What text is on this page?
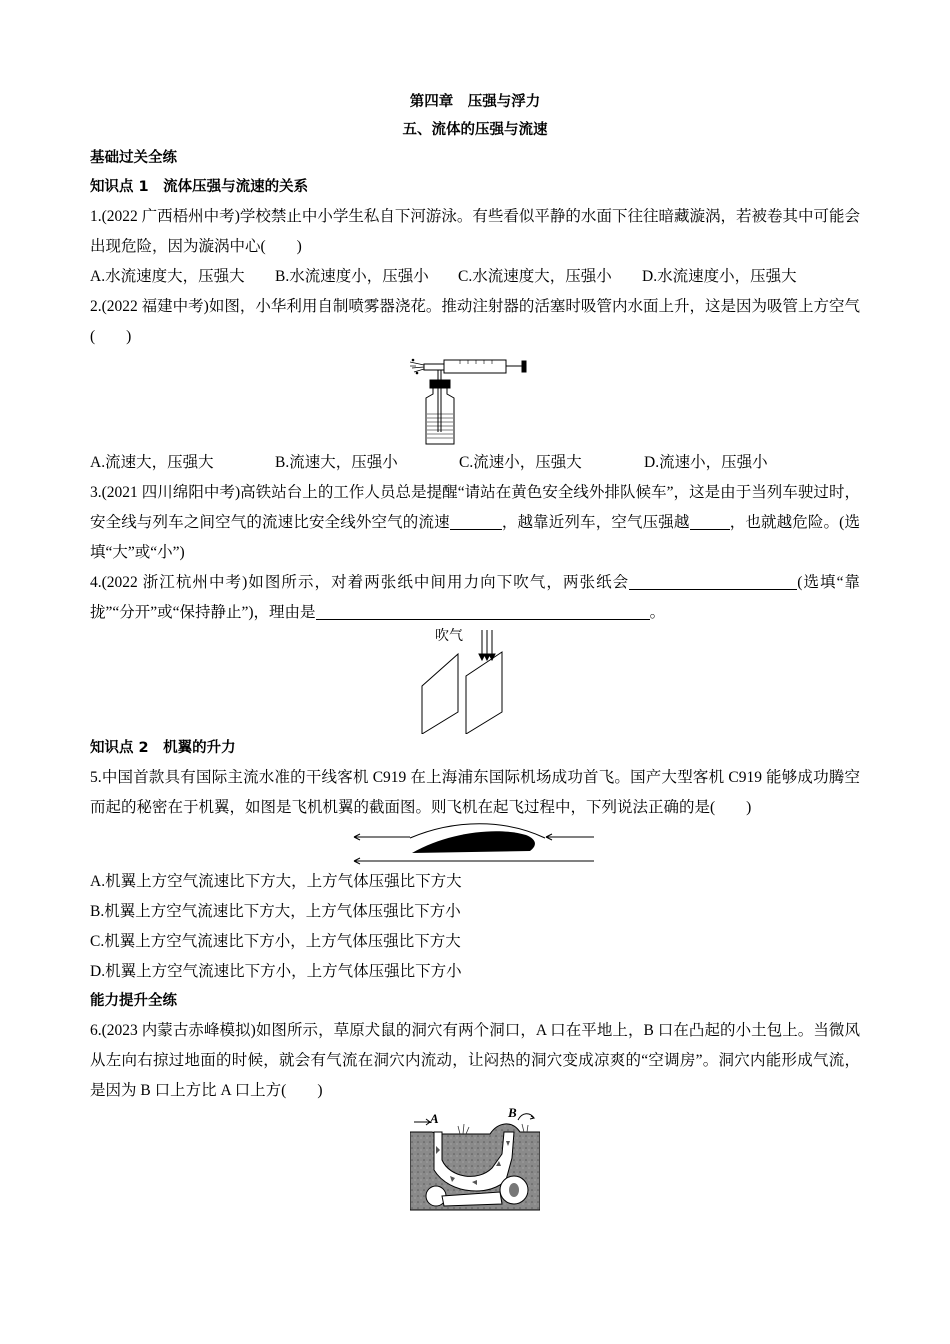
第四章　压强与浮力
五、流体的压强与流速
基础过关全练
知识点 1　流体压强与流速的关系
1.(2022 广西梧州中考)学校禁止中小学生私自下河游泳。有些看似平静的水面下往往暗藏漩涡，若被卷其中可能会出现危险，因为漩涡中心(　　)
A.水流速度大，压强大	B.水流速度小，压强小	C.水流速度大，压强小	D.水流速度小，压强大
2.(2022 福建中考)如图，小华利用自制喷雾器浇花。推动注射器的活塞时吸管内水面上升，这是因为吸管上方空气(　　)
A.流速大，压强大	B.流速大，压强小	C.流速小，压强大	D.流速小，压强小
3.(2021 四川绵阳中考)高铁站台上的工作人员总是提醒“请站在黄色安全线外排队候车”，这是由于当列车驶过时，安全线与列车之间空气的流速比安全线外空气的流速	，越靠近列车，空气压强越	，也就越危险。(选填“大”或“小”)
4.(2022 浙江杭州中考)如图所示，对着两张纸中间用力向下吹气，两张纸会	(选填“靠拢”“分开”或“保持静止”)，理由是	。
吹气
知识点 2　机翼的升力
5.中国首款具有国际主流水准的干线客机 C919 在上海浦东国际机场成功首飞。国产大型客机 C919 能够成功腾空而起的秘密在于机翼，如图是飞机机翼的截面图。则飞机在起飞过程中，下列说法正确的是(　　)
A.机翼上方空气流速比下方大，上方气体压强比下方大
B.机翼上方空气流速比下方大，上方气体压强比下方小
C.机翼上方空气流速比下方小，上方气体压强比下方大
D.机翼上方空气流速比下方小，上方气体压强比下方小
能力提升全练
6.(2023 内蒙古赤峰模拟)如图所示，草原犬鼠的洞穴有两个洞口，A 口在平地上，B 口在凸起的小土包上。当微风从左向右掠过地面的时候，就会有气流在洞穴内流动，让闷热的洞穴变成凉爽的“空调房”。洞穴内能形成气流，是因为 B 口上方比 A 口上方(　　)
A	B
